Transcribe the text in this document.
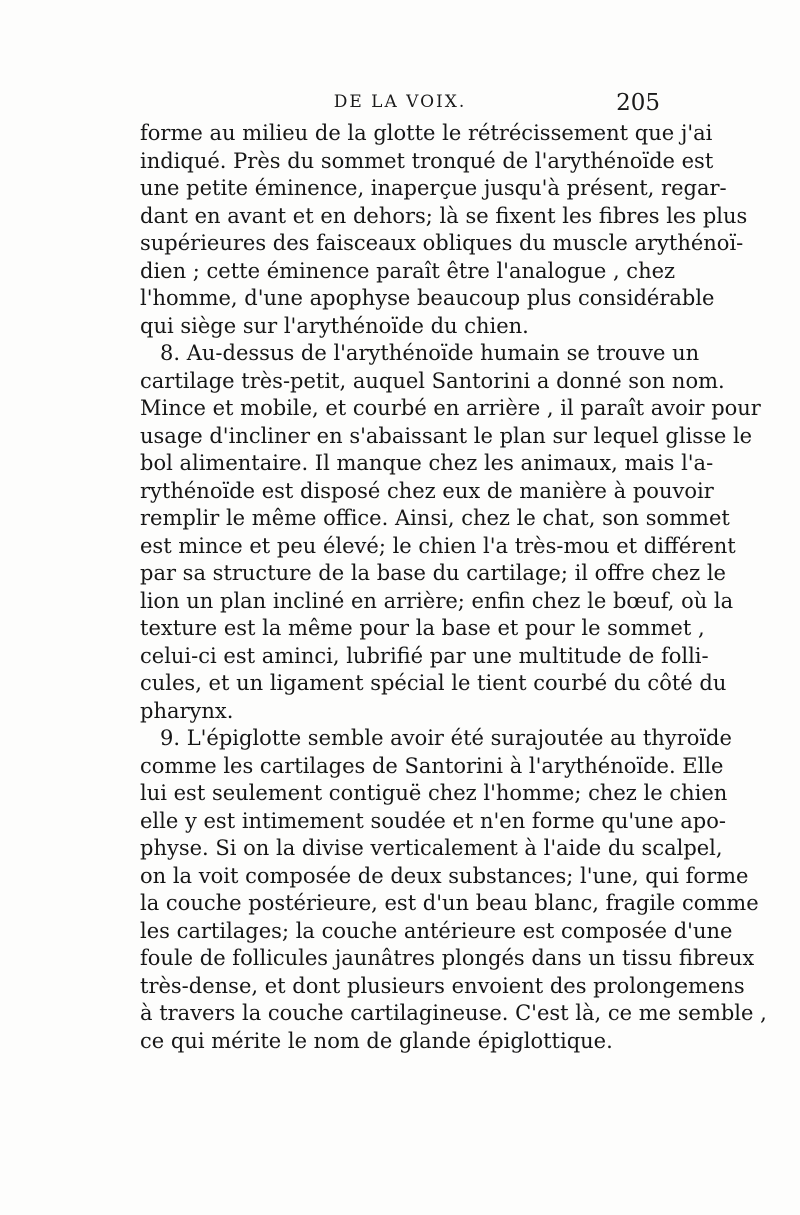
DE LA VOIX.	205
forme au milieu de la glotte le rétrécissement que j'ai
indiqué. Près du sommet tronqué de l'arythénoïde est
une petite éminence, inaperçue jusqu'à présent, regar-
dant en avant et en dehors; là se fixent les fibres les plus
supérieures des faisceaux obliques du muscle arythénoï-
dien ; cette éminence paraît être l'analogue , chez
l'homme, d'une apophyse beaucoup plus considérable
qui siège sur l'arythénoïde du chien.
8. Au-dessus de l'arythénoïde humain se trouve un
cartilage très-petit, auquel Santorini a donné son nom.
Mince et mobile, et courbé en arrière , il paraît avoir pour
usage d'incliner en s'abaissant le plan sur lequel glisse le
bol alimentaire. Il manque chez les animaux, mais l'a-
rythénoïde est disposé chez eux de manière à pouvoir
remplir le même office. Ainsi, chez le chat, son sommet
est mince et peu élevé; le chien l'a très-mou et différent
par sa structure de la base du cartilage; il offre chez le
lion un plan incliné en arrière; enfin chez le bœuf, où la
texture est la même pour la base et pour le sommet ,
celui-ci est aminci, lubrifié par une multitude de folli-
cules, et un ligament spécial le tient courbé du côté du
pharynx.
9. L'épiglotte semble avoir été surajoutée au thyroïde
comme les cartilages de Santorini à l'arythénoïde. Elle
lui est seulement contiguë chez l'homme; chez le chien
elle y est intimement soudée et n'en forme qu'une apo-
physe. Si on la divise verticalement à l'aide du scalpel,
on la voit composée de deux substances; l'une, qui forme
la couche postérieure, est d'un beau blanc, fragile comme
les cartilages; la couche antérieure est composée d'une
foule de follicules jaunâtres plongés dans un tissu fibreux
très-dense, et dont plusieurs envoient des prolongemens
à travers la couche cartilagineuse. C'est là, ce me semble ,
ce qui mérite le nom de glande épiglottique.
